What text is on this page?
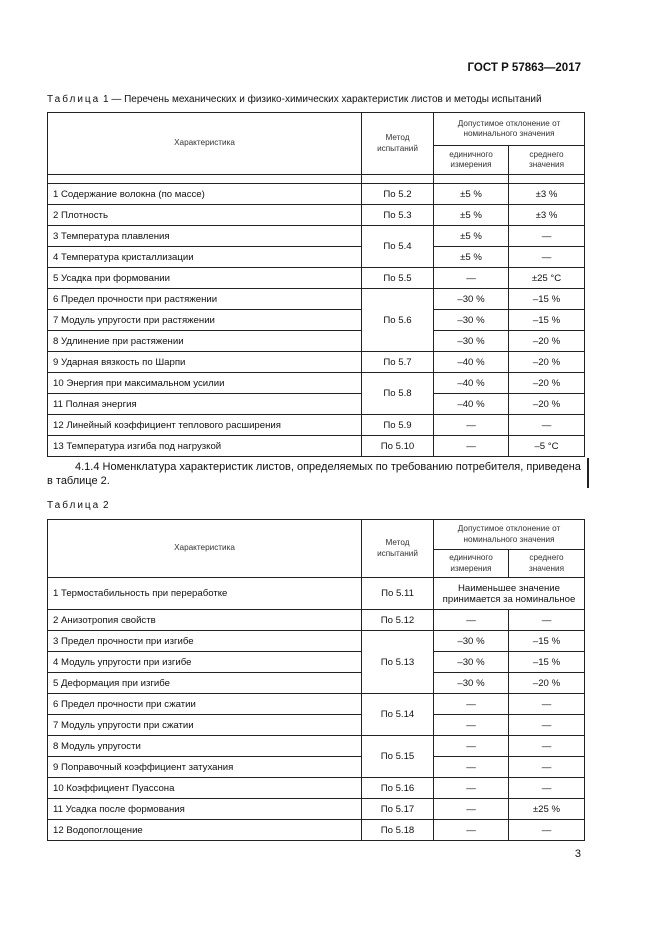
ГОСТ Р 57863—2017
Таблица 1 — Перечень механических и физико-химических характеристик листов и методы испытаний
Характеристика	Метод испытаний	Допустимое отклонение от номинального значения	
		единичного измерения	среднего значения

1 Содержание волокна (по массе)	По 5.2	±5 %	±3 %
2 Плотность	По 5.3	±5 %	±3 %
3 Температура плавления	По 5.4	±5 %	—
4 Температура кристаллизации		±5 %	—
5 Усадка при формовании	По 5.5	—	±25 °С
6 Предел прочности при растяжении	По 5.6	–30 %	–15 %
7 Модуль упругости при растяжении		–30 %	–15 %
8 Удлинение при растяжении		–30 %	–20 %
9 Ударная вязкость по Шарпи	По 5.7	–40 %	–20 %
10 Энергия при максимальном усилии	По 5.8	–40 %	–20 %
11 Полная энергия		–40 %	–20 %
12 Линейный коэффициент теплового расширения	По 5.9	—	—
13 Температура изгиба под нагрузкой	По 5.10	—	–5 °С
4.1.4 Номенклатура характеристик листов, определяемых по требованию потребителя, приведена в таблице 2.
Таблица 2
Характеристика	Метод испытаний	Допустимое отклонение от номинального значения	
		единичного измерения	среднего значения
1 Термостабильность при переработке	По 5.11	Наименьшее значение принимается за номинальное	
2 Анизотропия свойств	По 5.12	—	—
3 Предел прочности при изгибе	По 5.13	–30 %	–15 %
4 Модуль упругости при изгибе		–30 %	–15 %
5 Деформация при изгибе		–30 %	–20 %
6 Предел прочности при сжатии	По 5.14	—	—
7 Модуль упругости при сжатии		—	—
8 Модуль упругости	По 5.15	—	—
9 Поправочный коэффициент затухания		—	—
10 Коэффициент Пуассона	По 5.16	—	—
11 Усадка после формования	По 5.17	—	±25 %
12 Водопоглощение	По 5.18	—	—
3
